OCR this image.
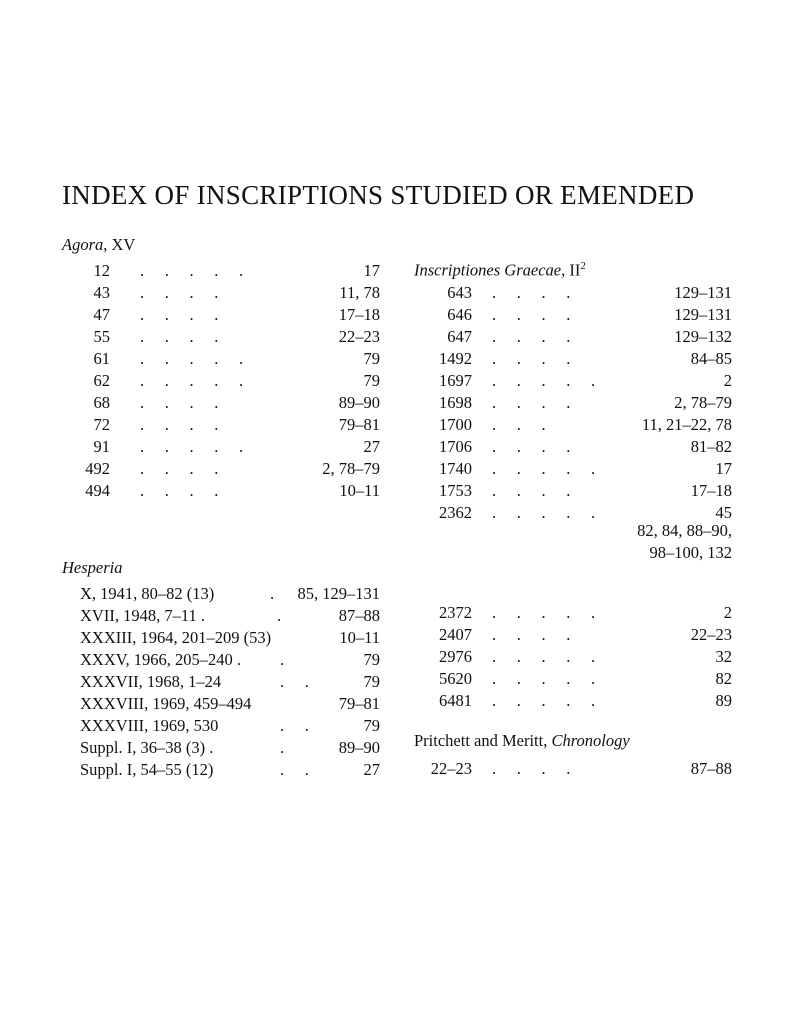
INDEX OF INSCRIPTIONS STUDIED OR EMENDED
Agora, XV
12 .     .     .     .     .	17
43 .     .     .     .	11, 78
47 .     .     .     .	17–18
55 .     .     .     .	22–23
61 .     .     .     .     .	79
62 .     .     .     .     .	79
68 .     .     .     .	89–90
72 .     .     .     .	79–81
91 .     .     .     .     .	27
492 .     .     .     .	2, 78–79
494 .     .     .     .	10–11
Hesperia
X, 1941, 80–82 (13)	. 85, 129–131
XVII, 1948, 7–11 .	.	87–88
XXXIII, 1964, 201–209 (53)	10–11
XXXV, 1966, 205–240 . .	79
XXXVII, 1968, 1–24	.     .	79
XXXVIII, 1969, 459–494	79–81
XXXVIII, 1969, 530	.     .	79
Suppl. I, 36–38 (3) .	.	89–90
Suppl. I, 54–55 (12)	.     .	27
Inscriptiones Graecae, $II^2$
643 .     .     .     .	129–131
646 .     .     .     .	129–131
647 .     .     .     .	129–132
1492 .     .     .     .	84–85
1697 .     .     .     .     .	2
1698 .     .     .     .	2, 78–79
1700 .     .     .	11, 21–22, 78
1706 .     .     .     .	81–82
1740 .     .     .     .     .	17
1753 .     .     .     .	17–18
2362 .     .     .     .     .	45
82, 84, 88–90,
98–100, 132
2372 .     .     .     .     .	2
2407 .     .     .     .	22–23
2976 .     .     .     .     .	32
5620 .     .     .     .     .	82
6481 .     .     .     .     .	89
Pritchett and Meritt, Chronology
22–23 .     .     .     .	87–88
